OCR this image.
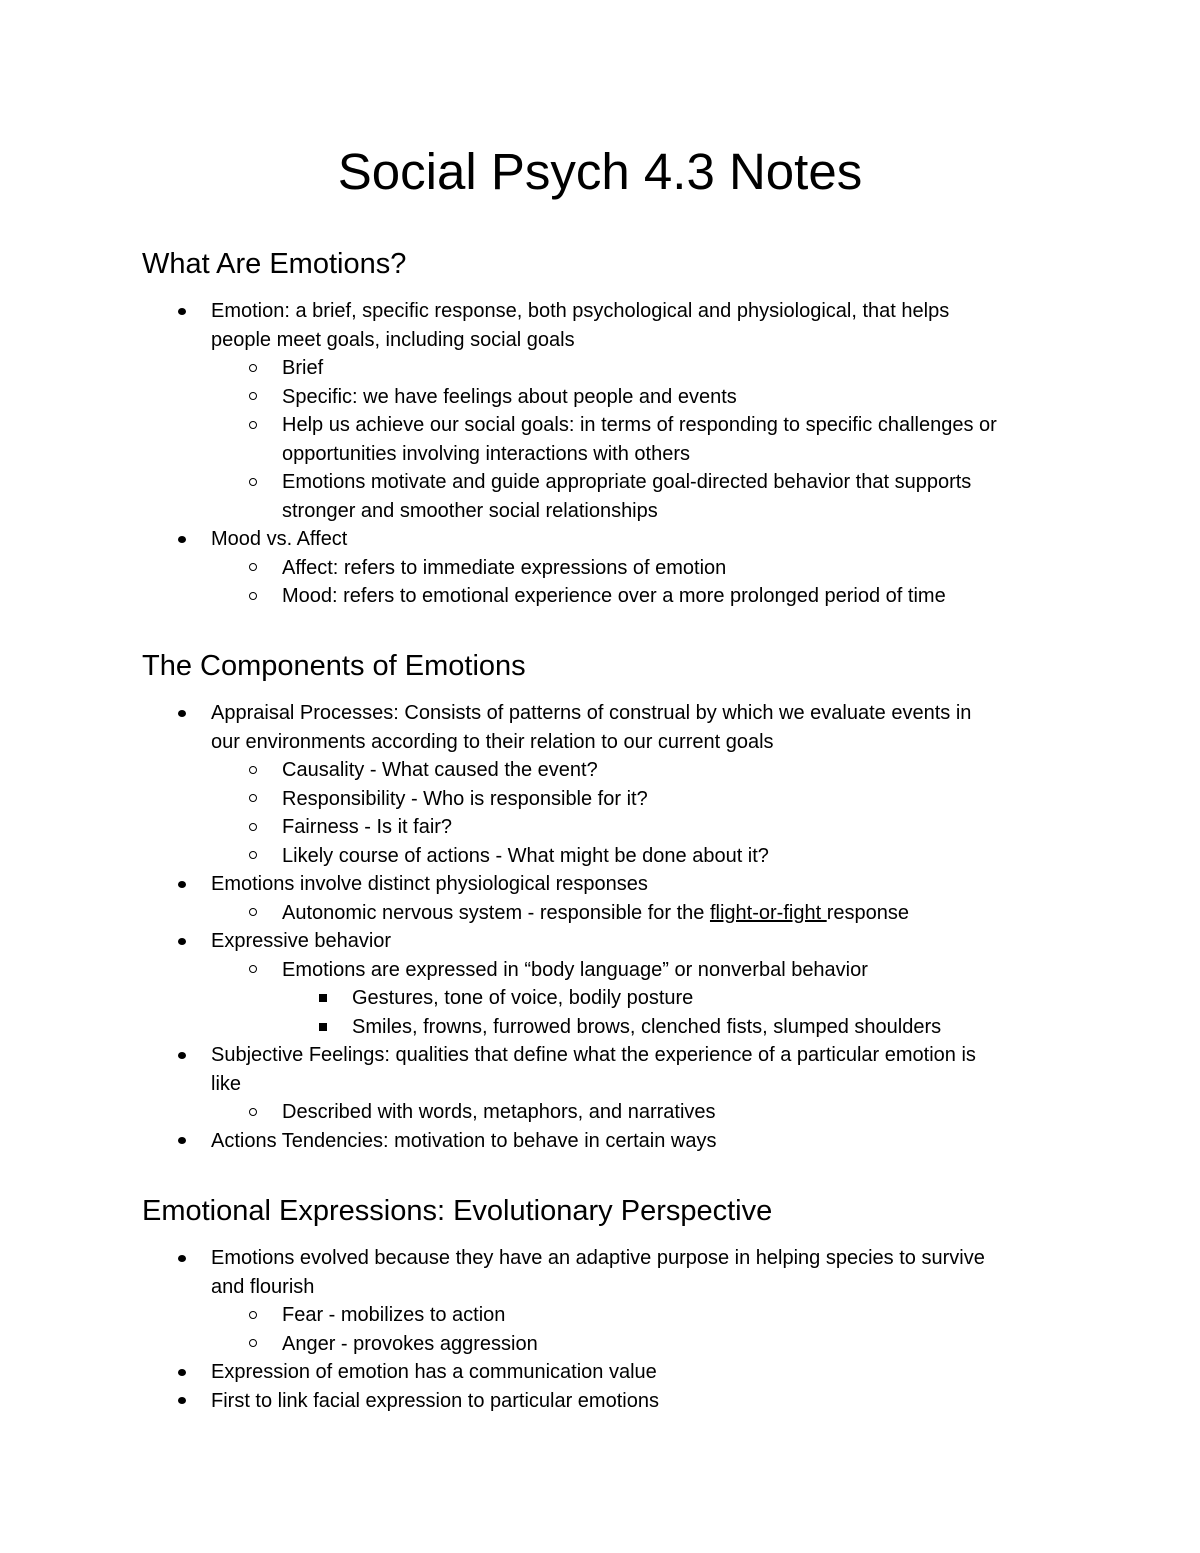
Social Psych 4.3 Notes
What Are Emotions?
Emotion: a brief, specific response, both psychological and physiological, that helps
people meet goals, including social goals
Brief
Specific: we have feelings about people and events
Help us achieve our social goals: in terms of responding to specific challenges or
opportunities involving interactions with others
Emotions motivate and guide appropriate goal-directed behavior that supports
stronger and smoother social relationships
Mood vs. Affect
Affect: refers to immediate expressions of emotion
Mood: refers to emotional experience over a more prolonged period of time
The Components of Emotions
Appraisal Processes: Consists of patterns of construal by which we evaluate events in
our environments according to their relation to our current goals
Causality - What caused the event?
Responsibility - Who is responsible for it?
Fairness - Is it fair?
Likely course of actions - What might be done about it?
Emotions involve distinct physiological responses
Autonomic nervous system - responsible for the flight-or-fight response
Expressive behavior
Emotions are expressed in “body language” or nonverbal behavior
Gestures, tone of voice, bodily posture
Smiles, frowns, furrowed brows, clenched fists, slumped shoulders
Subjective Feelings: qualities that define what the experience of a particular emotion is
like
Described with words, metaphors, and narratives
Actions Tendencies: motivation to behave in certain ways
Emotional Expressions: Evolutionary Perspective
Emotions evolved because they have an adaptive purpose in helping species to survive
and flourish
Fear - mobilizes to action
Anger - provokes aggression
Expression of emotion has a communication value
First to link facial expression to particular emotions
